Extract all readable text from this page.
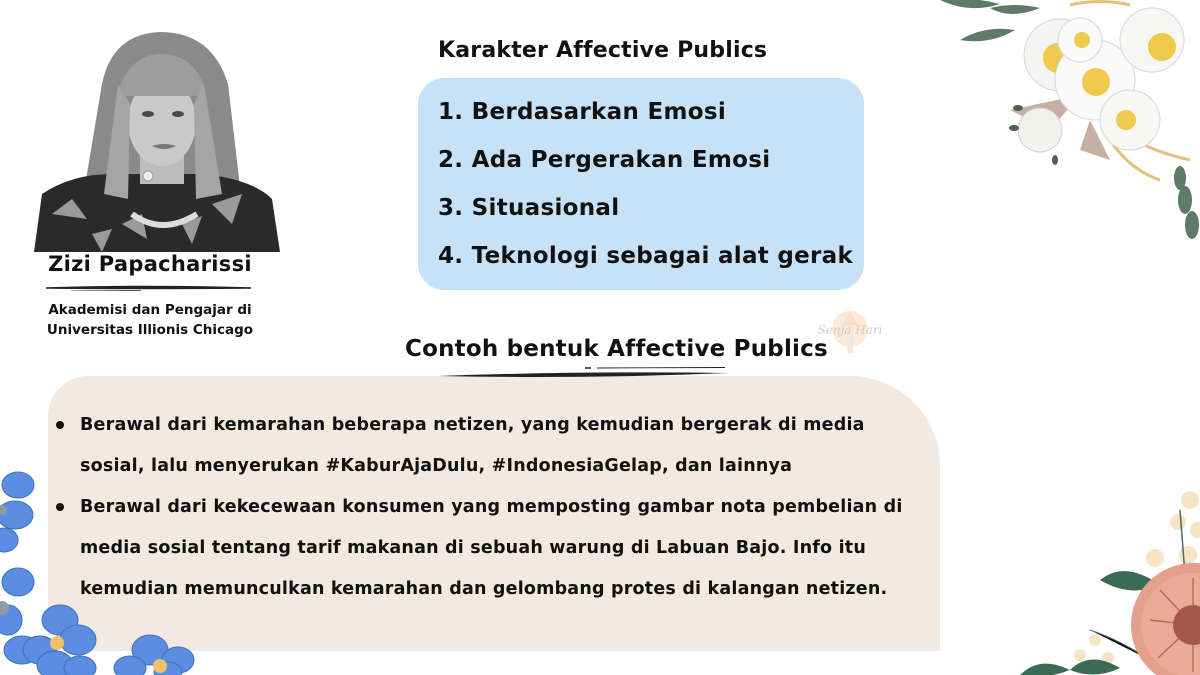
Zizi Papacharissi
Akademisi dan Pengajar di
Universitas Illionis Chicago
Karakter Affective Publics
1. Berdasarkan Emosi
2. Ada Pergerakan Emosi
3. Situasional
4. Teknologi sebagai alat gerak
Senja Hari
Contoh bentuk Affective Publics
Berawal dari kemarahan beberapa netizen, yang kemudian bergerak di media
sosial, lalu menyerukan #KaburAjaDulu, #IndonesiaGelap, dan lainnya
Berawal dari kekecewaan konsumen yang memposting gambar nota pembelian di
media sosial tentang tarif makanan di sebuah warung di Labuan Bajo. Info itu
kemudian memunculkan kemarahan dan gelombang protes di kalangan netizen.
